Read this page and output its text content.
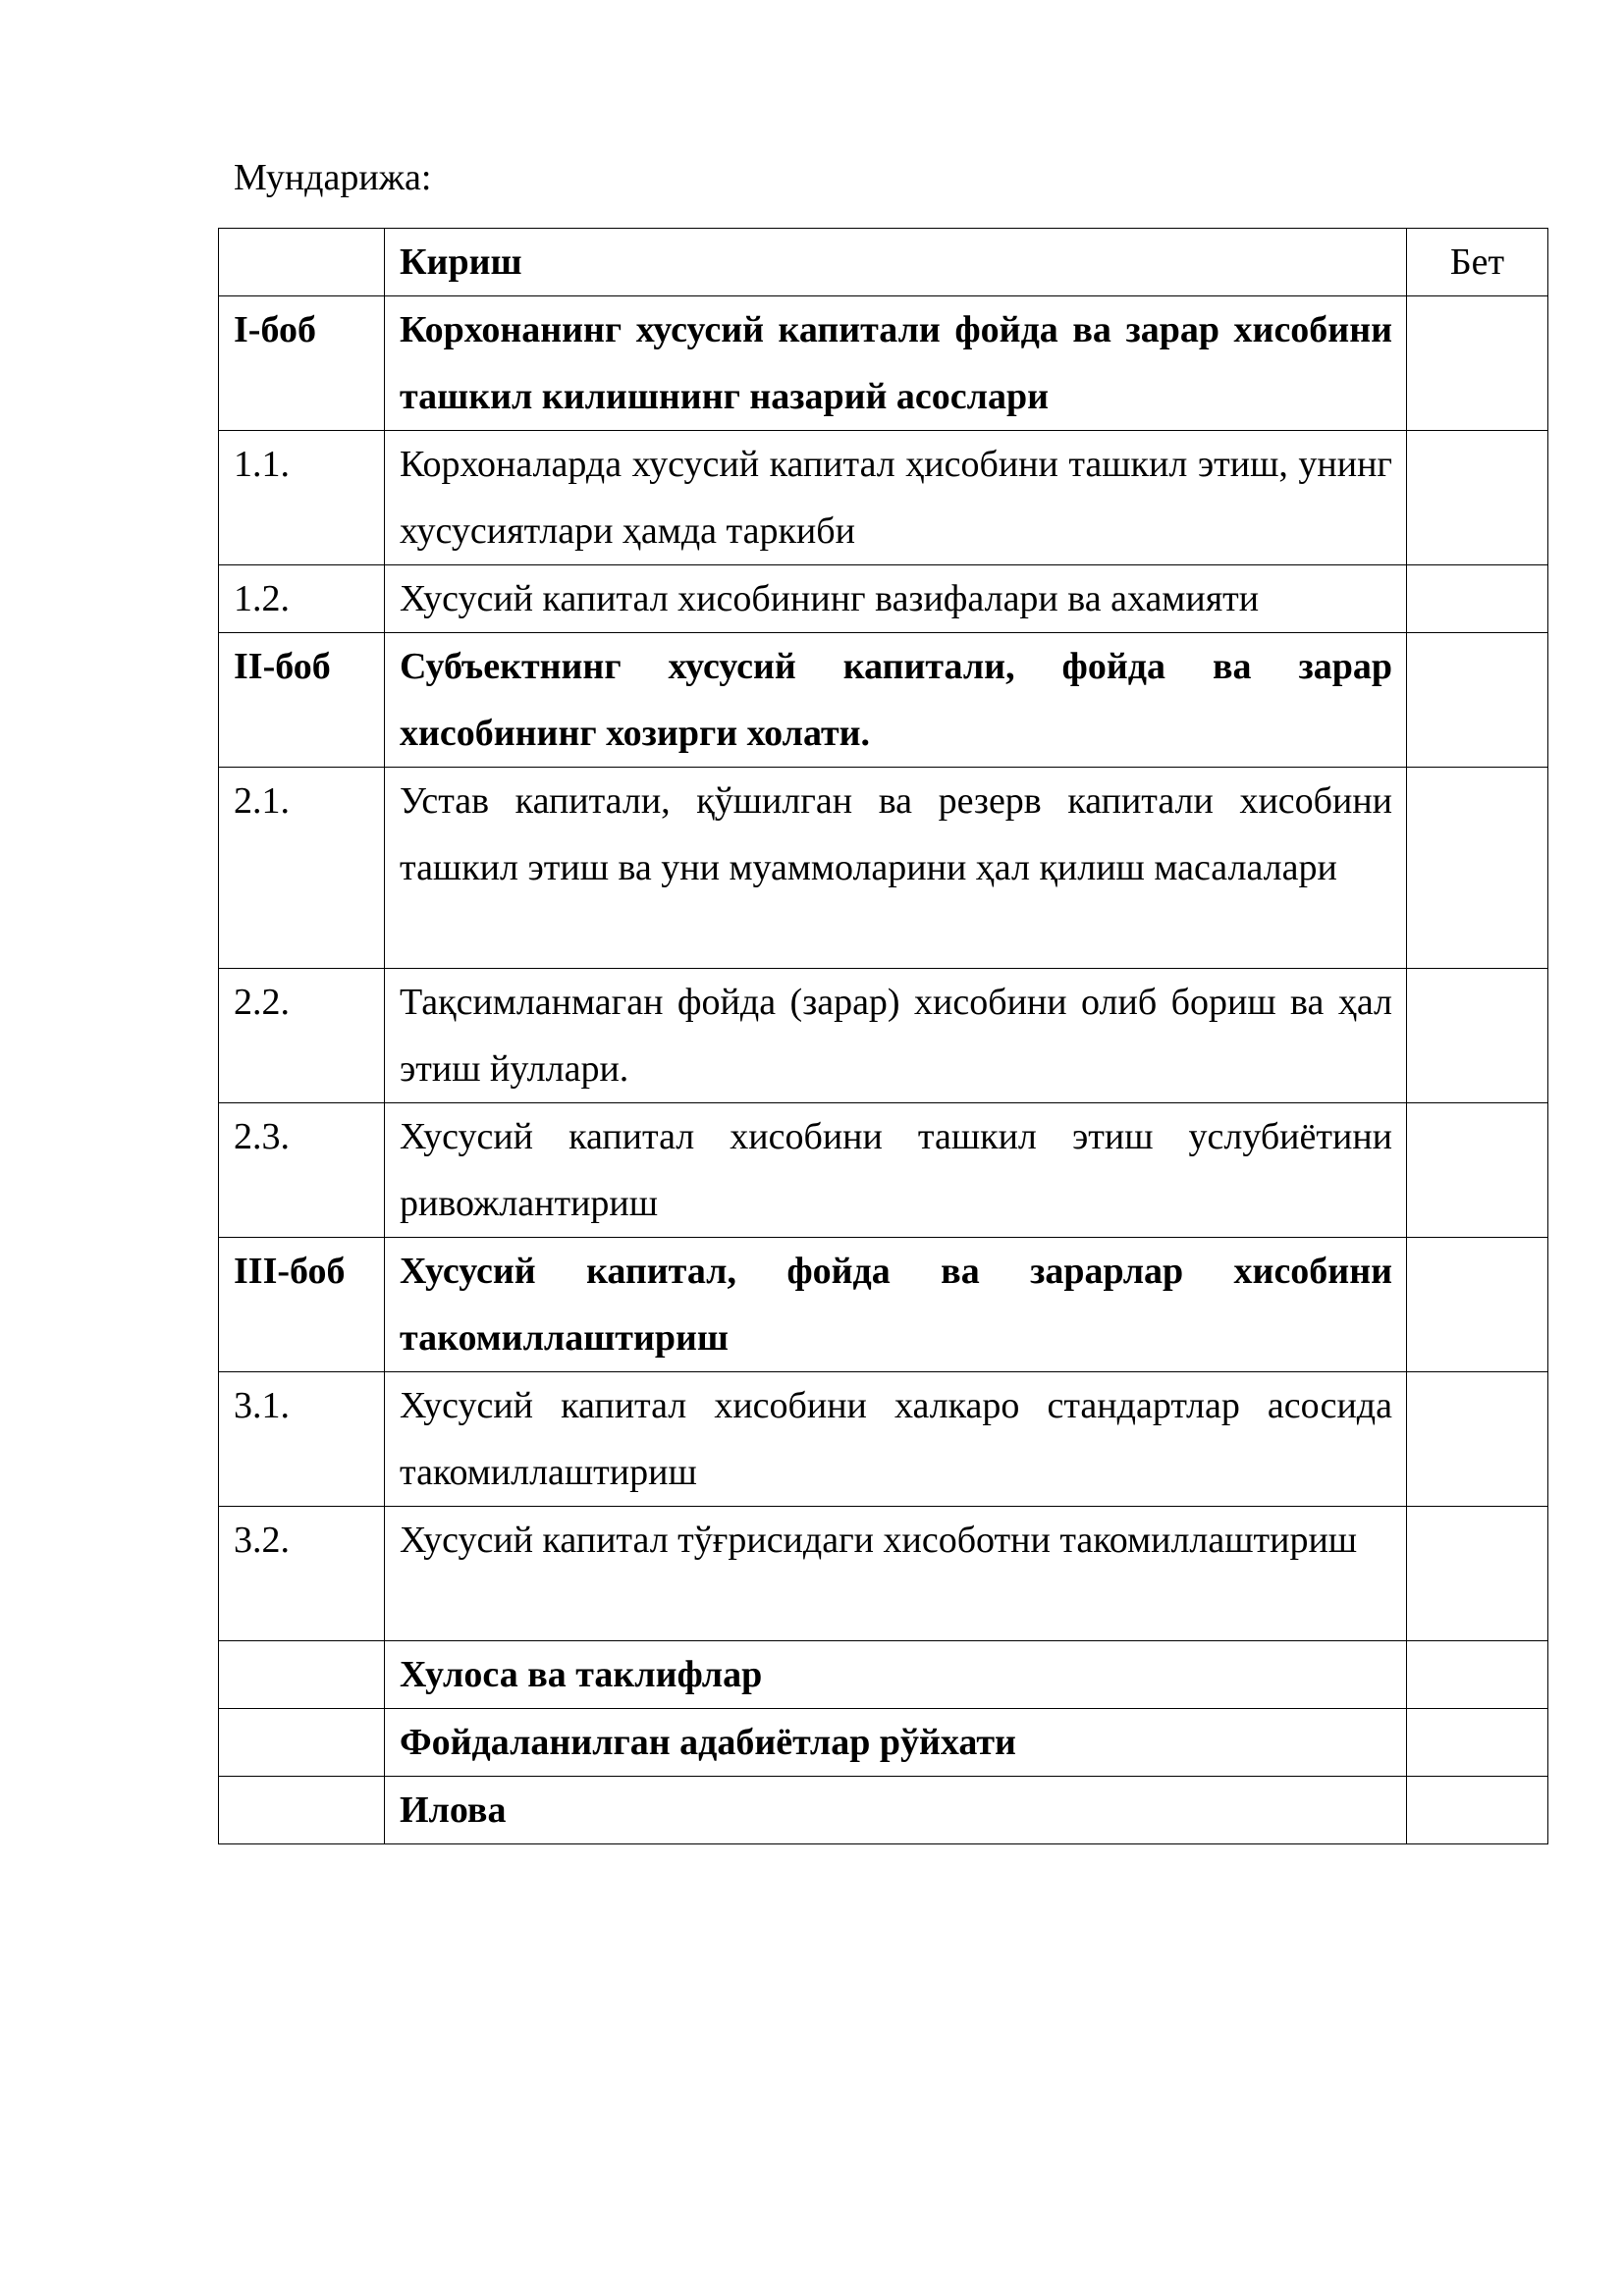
Мундарижа:

	Кириш	Бет
I-боб	Корхонанинг хусусий капитали фойда ва зарар хисобини ташкил килишнинг назарий асослари	

1.1.	Корхоналарда хусусий капитал ҳисобини ташкил этиш, унинг хусусиятлари ҳамда таркиби	

1.2.	Хусусий капитал хисобининг вазифалари ва ахамияти	

II-боб	Субъектнинг хусусий капитали, фойда ва зарар хисобининг хозирги холати.	

2.1.	Устав капитали, қўшилган ва резерв капитали хисобини ташкил этиш ва уни муаммоларини ҳал қилиш масалалари	

2.2.	Тақсимланмаган фойда (зарар) хисобини олиб бориш ва ҳал этиш йуллари.	

2.3.	Хусусий капитал хисобини ташкил этиш услубиётини ривожлантириш	

III-боб	Хусусий капитал, фойда ва зарарлар хисобини такомиллаштириш	

3.1.	Хусусий капитал хисобини халкаро стандартлар асосида такомиллаштириш	

3.2.	Хусусий капитал тўғрисидаги хисоботни такомиллаштириш	

	Хулоса ва таклифлар	

	Фойдаланилган адабиётлар рўйхати	

	Илова	
